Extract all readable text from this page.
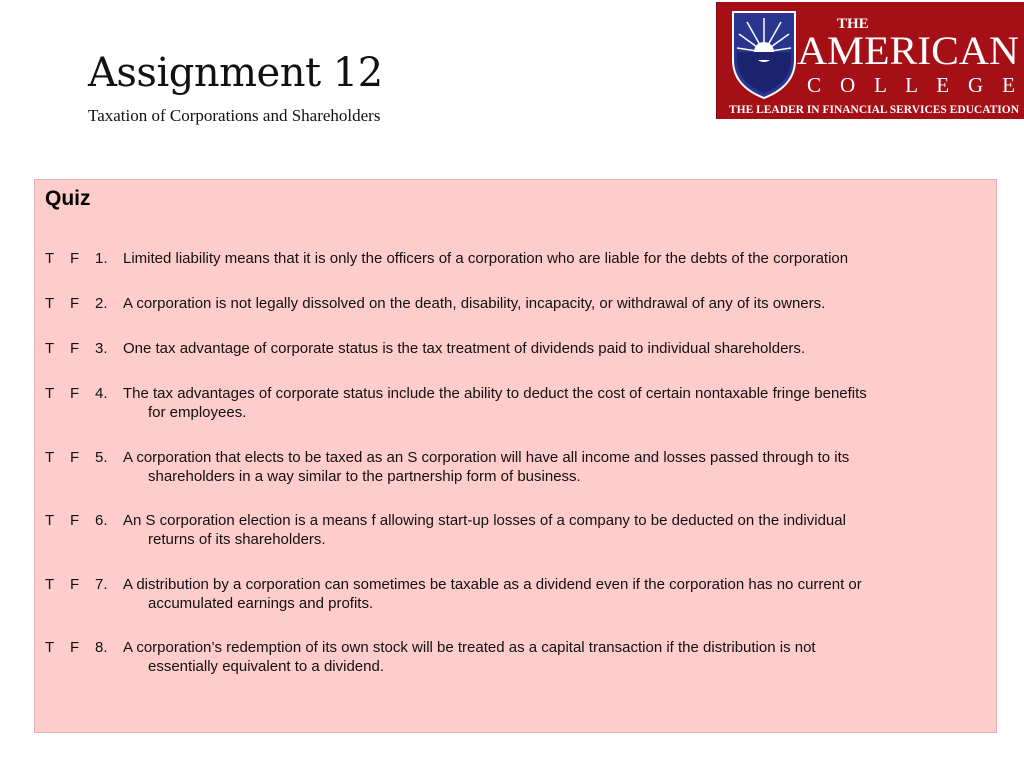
Assignment 12
Taxation of Corporations and Shareholders
THE
AMERICAN
C O L L E G E
THE LEADER IN FINANCIAL SERVICES EDUCATION
Quiz
T F 1. Limited liability means that it is only the officers of a corporation who are liable for the debts of the corporation
T F 2. A corporation is not legally dissolved on the death, disability, incapacity, or withdrawal of any of its owners.
T F 3. One tax advantage of corporate status is the tax treatment of dividends paid to individual shareholders.
T F 4. The tax advantages of corporate status include the ability to deduct the cost of certain nontaxable fringe benefits
for employees.
T F 5. A corporation that elects to be taxed as an S corporation will have all income and losses passed through to its
shareholders in a way similar to the partnership form of business.
T F 6. An S corporation election is a means f allowing start-up losses of a company to be deducted on the individual
returns of its shareholders.
T F 7. A distribution by a corporation can sometimes be taxable as a dividend even if the corporation has no current or
accumulated earnings and profits.
T F 8. A corporation’s redemption of its own stock will be treated as a capital transaction if the distribution is not
essentially equivalent to a dividend.
